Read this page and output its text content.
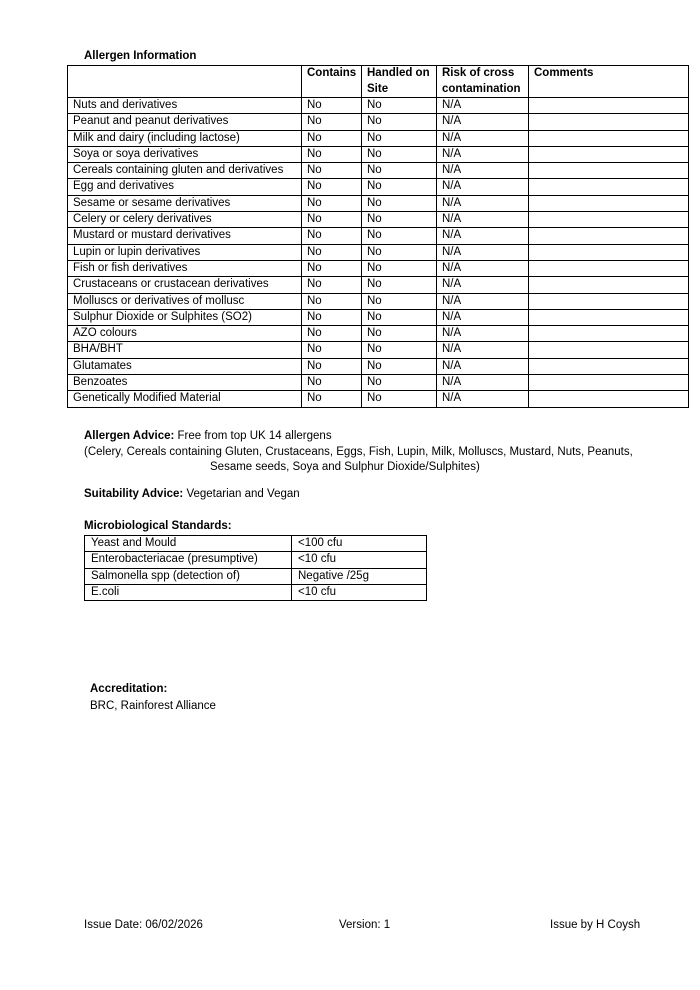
Allergen Information
	Contains	Handled on Site	Risk of cross contamination	Comments
Nuts and derivatives	No	No	N/A	
Peanut and peanut derivatives	No	No	N/A	
Milk and dairy (including lactose)	No	No	N/A	
Soya or soya derivatives	No	No	N/A	
Cereals containing gluten and derivatives	No	No	N/A	
Egg and derivatives	No	No	N/A	
Sesame or sesame derivatives	No	No	N/A	
Celery or celery derivatives	No	No	N/A	
Mustard or mustard derivatives	No	No	N/A	
Lupin or lupin derivatives	No	No	N/A	
Fish or fish derivatives	No	No	N/A	
Crustaceans or crustacean derivatives	No	No	N/A	
Molluscs or derivatives of mollusc	No	No	N/A	
Sulphur Dioxide or Sulphites (SO2)	No	No	N/A	
AZO colours	No	No	N/A	
BHA/BHT	No	No	N/A	
Glutamates	No	No	N/A	
Benzoates	No	No	N/A	
Genetically Modified Material	No	No	N/A	
Allergen Advice: Free from top UK 14 allergens
(Celery, Cereals containing Gluten, Crustaceans, Eggs, Fish, Lupin, Milk, Molluscs, Mustard, Nuts, Peanuts,
Sesame seeds, Soya and Sulphur Dioxide/Sulphites)
Suitability Advice: Vegetarian and Vegan
Microbiological Standards:
Yeast and Mould	<100 cfu
Enterobacteriacae (presumptive)	<10 cfu
Salmonella spp (detection of)	Negative /25g
E.coli	<10 cfu
Accreditation:
BRC, Rainforest Alliance
Issue Date: 06/02/2026	Version: 1	Issue by H Coysh
